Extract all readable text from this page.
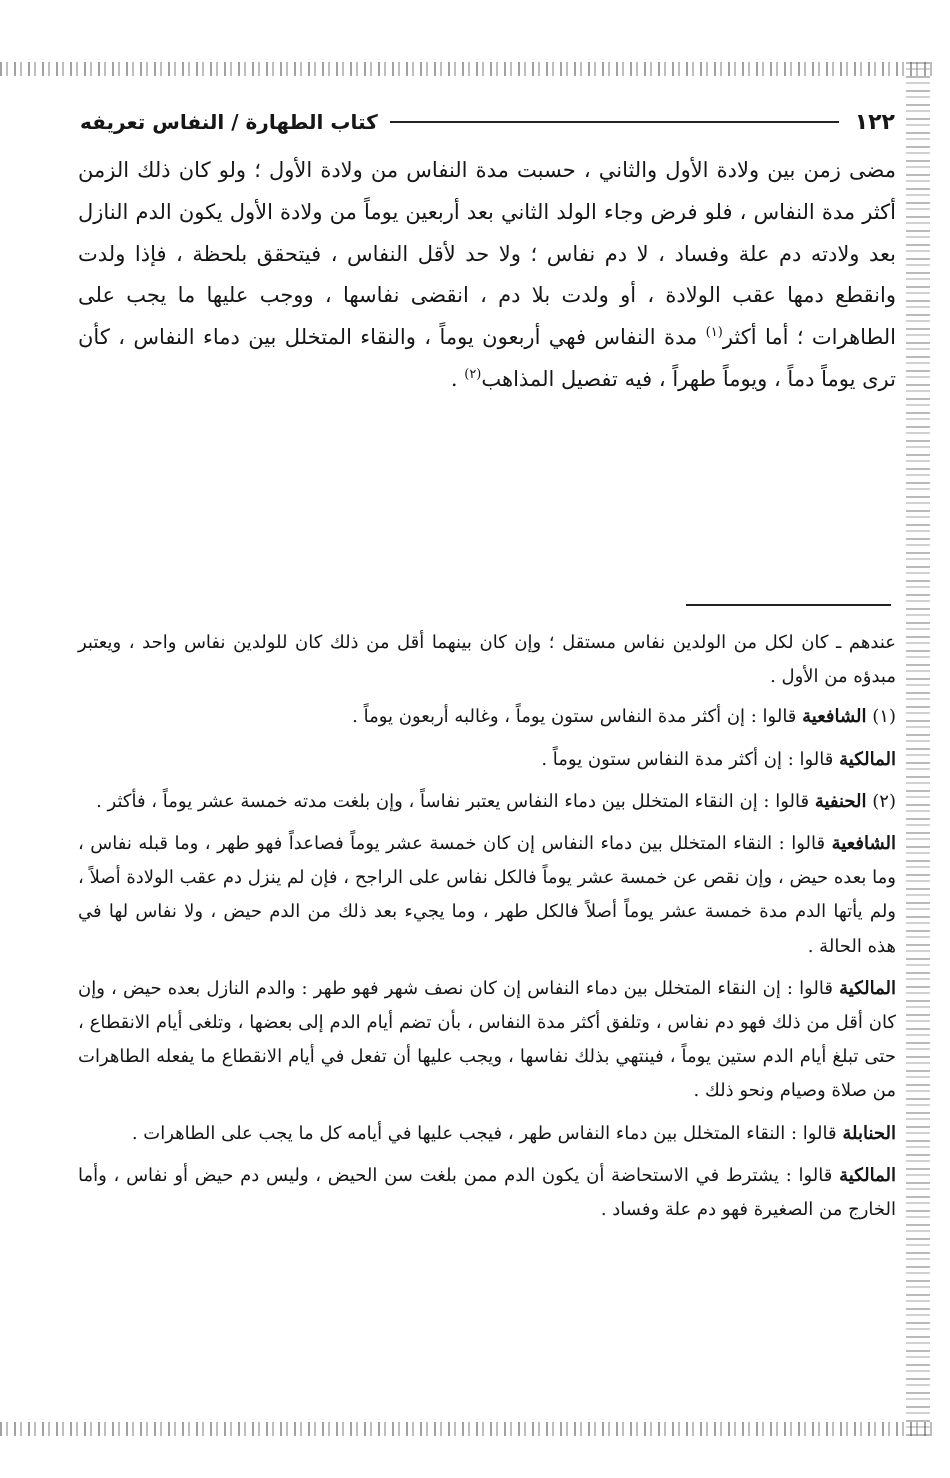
١٢٢
كتاب الطهارة / النفاس تعريفه

مضى زمن بين ولادة الأول والثاني ، حسبت مدة النفاس من ولادة الأول ؛ ولو كان ذلك الزمن أكثر مدة النفاس ، فلو فرض وجاء الولد الثاني بعد أربعين يوماً من ولادة الأول يكون الدم النازل بعد ولادته دم علة وفساد ، لا دم نفاس ؛ ولا حد لأقل النفاس ، فيتحقق بلحظة ، فإذا ولدت وانقطع دمها عقب الولادة ، أو ولدت بلا دم ، انقضى نفاسها ، ووجب عليها ما يجب على الطاهرات ؛ أما أكثر$^{(١)}$ مدة النفاس فهي أربعون يوماً ، والنقاء المتخلل بين دماء النفاس ، كأن ترى يوماً دماً ، ويوماً طهراً ، فيه تفصيل المذاهب$^{(٢)}$ .

عندهم ـ كان لكل من الولدين نفاس مستقل ؛ وإن كان بينهما أقل من ذلك كان للولدين نفاس واحد ، ويعتبر مبدؤه من الأول .

(١) الشافعية قالوا : إن أكثر مدة النفاس ستون يوماً ، وغالبه أربعون يوماً .

المالكية قالوا : إن أكثر مدة النفاس ستون يوماً .

(٢) الحنفية قالوا : إن النقاء المتخلل بين دماء النفاس يعتبر نفاساً ، وإن بلغت مدته خمسة عشر يوماً ، فأكثر .

الشافعية قالوا : النقاء المتخلل بين دماء النفاس إن كان خمسة عشر يوماً فصاعداً فهو طهر ، وما قبله نفاس ، وما بعده حيض ، وإن نقص عن خمسة عشر يوماً فالكل نفاس على الراجح ، فإن لم ينزل دم عقب الولادة أصلاً ، ولم يأتها الدم مدة خمسة عشر يوماً أصلاً فالكل طهر ، وما يجيء بعد ذلك من الدم حيض ، ولا نفاس لها في هذه الحالة .

المالكية قالوا : إن النقاء المتخلل بين دماء النفاس إن كان نصف شهر فهو طهر : والدم النازل بعده حيض ، وإن كان أقل من ذلك فهو دم نفاس ، وتلفق أكثر مدة النفاس ، بأن تضم أيام الدم إلى بعضها ، وتلغى أيام الانقطاع ، حتى تبلغ أيام الدم ستين يوماً ، فينتهي بذلك نفاسها ، ويجب عليها أن تفعل في أيام الانقطاع ما يفعله الطاهرات من صلاة وصيام ونحو ذلك .

الحنابلة قالوا : النقاء المتخلل بين دماء النفاس طهر ، فيجب عليها في أيامه كل ما يجب على الطاهرات .

المالكية قالوا : يشترط في الاستحاضة أن يكون الدم ممن بلغت سن الحيض ، وليس دم حيض أو نفاس ، وأما الخارج من الصغيرة فهو دم علة وفساد .
